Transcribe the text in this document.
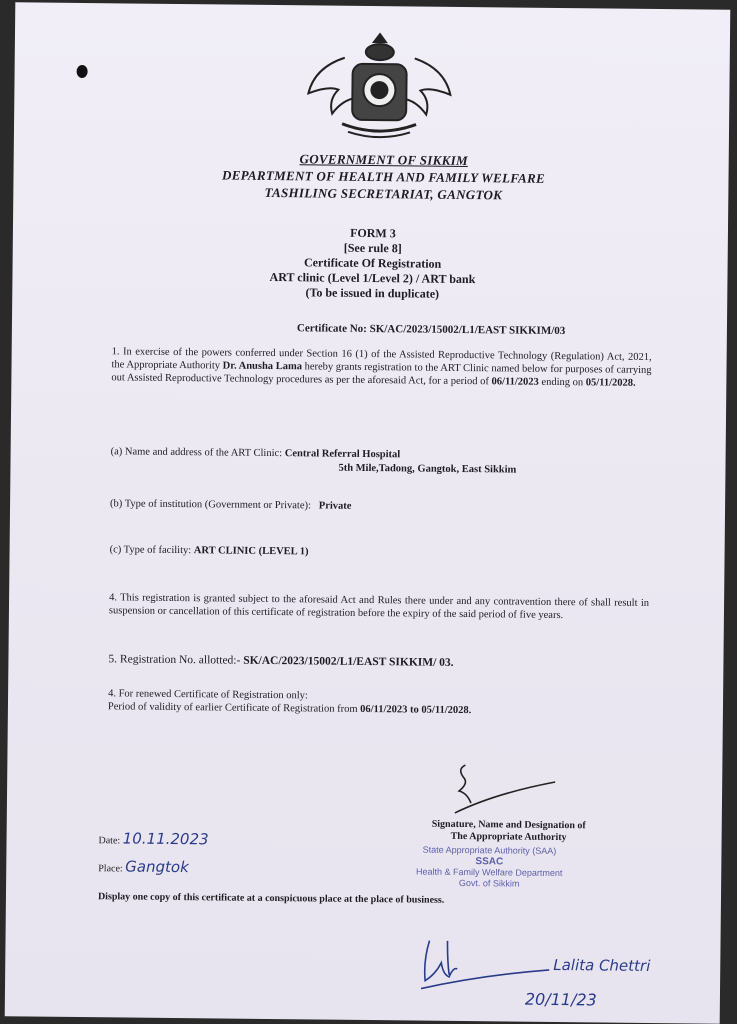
GOVERNMENT OF SIKKIM
DEPARTMENT OF HEALTH AND FAMILY WELFARE
TASHILING SECRETARIAT, GANGTOK
FORM 3
[See rule 8]
Certificate Of Registration
ART clinic (Level 1/Level 2) / ART bank
(To be issued in duplicate)
Certificate No: SK/AC/2023/15002/L1/EAST SIKKIM/03
1. In exercise of the powers conferred under Section 16 (1) of the Assisted Reproductive Technology (Regulation) Act, 2021, the Appropriate Authority Dr. Anusha Lama hereby grants registration to the ART Clinic named below for purposes of carrying out Assisted Reproductive Technology procedures as per the aforesaid Act, for a period of 06/11/2023 ending on 05/11/2028.
(a) Name and address of the ART Clinic: Central Referral Hospital
5th Mile,Tadong, Gangtok, East Sikkim
(b) Type of institution (Government or Private): Private
(c) Type of facility: ART CLINIC (LEVEL 1)
4. This registration is granted subject to the aforesaid Act and Rules there under and any contravention there of shall result in suspension or cancellation of this certificate of registration before the expiry of the said period of five years.
5. Registration No. allotted:- SK/AC/2023/15002/L1/EAST SIKKIM/ 03.
4. For renewed Certificate of Registration only:
Period of validity of earlier Certificate of Registration from 06/11/2023 to 05/11/2028.
Signature, Name and Designation of
The Appropriate Authority
State Appropriate Authority (SAA)
SSAC
Health & Family Welfare Department
Govt. of Sikkim
Date: 10.11.2023
Place: Gangtok
Display one copy of this certificate at a conspicuous place at the place of business.
Lalita Chettri
20/11/23
